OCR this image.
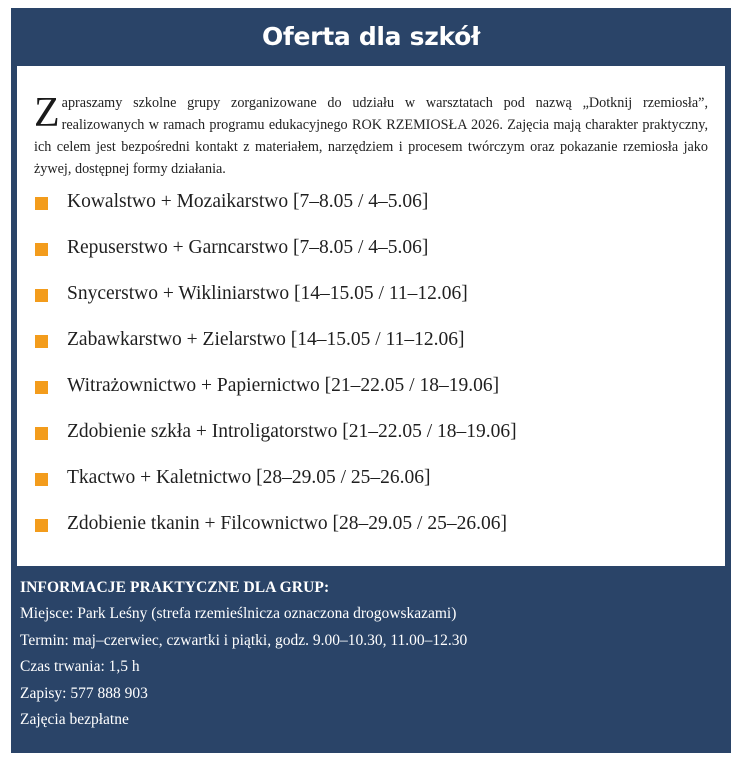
Oferta dla szkół

Zapraszamy szkolne grupy zorganizowane do udziału w warsztatach pod nazwą „Dotknij rzemiosła”, realizowanych w ramach programu edukacyjnego ROK RZEMIOSŁA 2026. Zajęcia mają charakter praktyczny, ich celem jest bezpośredni kontakt z materiałem, narzędziem i procesem twórczym oraz pokazanie rzemiosła jako żywej, dostępnej formy działania.

Kowalstwo + Mozaikarstwo [7–8.05 / 4–5.06]
Repuserstwo + Garncarstwo [7–8.05 / 4–5.06]
Snycerstwo + Wikliniarstwo [14–15.05 / 11–12.06]
Zabawkarstwo + Zielarstwo [14–15.05 / 11–12.06]
Witrażownictwo + Papiernictwo [21–22.05 / 18–19.06]
Zdobienie szkła + Introligatorstwo [21–22.05 / 18–19.06]
Tkactwo + Kaletnictwo [28–29.05 / 25–26.06]
Zdobienie tkanin + Filcownictwo [28–29.05 / 25–26.06]
INFORMACJE PRAKTYCZNE DLA GRUP:
Miejsce: Park Leśny (strefa rzemieślnicza oznaczona drogowskazami)
Termin: maj–czerwiec, czwartki i piątki, godz. 9.00–10.30, 11.00–12.30
Czas trwania: 1,5 h
Zapisy: 577 888 903
Zajęcia bezpłatne
